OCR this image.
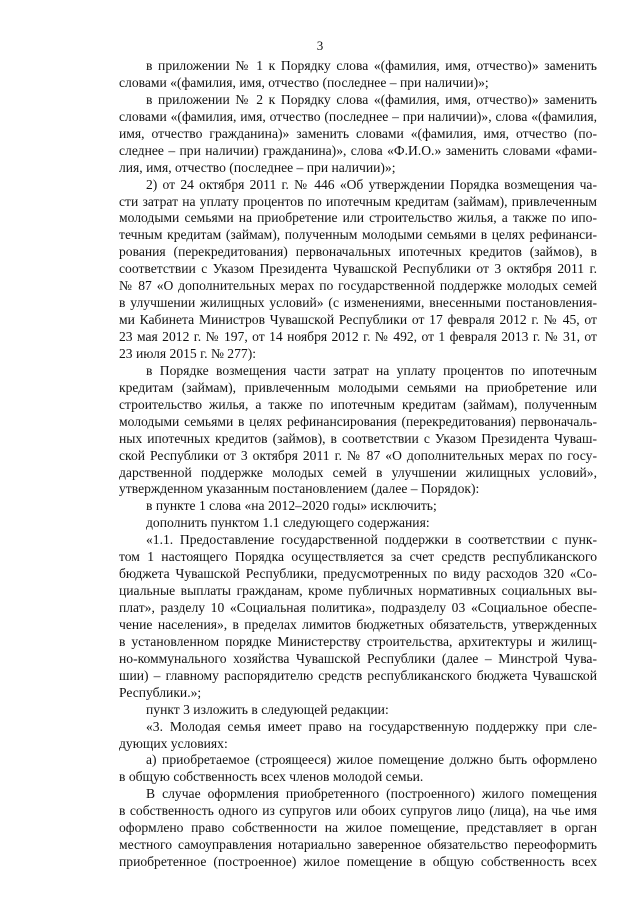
3
в приложении № 1 к Порядку слова «(фамилия, имя, отчество)» заменить
словами «(фамилия, имя, отчество (последнее – при наличии)»;
в приложении № 2 к Порядку слова «(фамилия, имя, отчество)» заменить
словами «(фамилия, имя, отчество (последнее – при наличии)», слова «(фамилия,
имя, отчество гражданина)» заменить словами «(фамилия, имя, отчество (по-
следнее – при наличии) гражданина)», слова «Ф.И.О.» заменить словами «фами-
лия, имя, отчество (последнее – при наличии)»;
2) от 24 октября 2011 г. № 446 «Об утверждении Порядка возмещения ча-
сти затрат на уплату процентов по ипотечным кредитам (займам), привлеченным
молодыми семьями на приобретение или строительство жилья, а также по ипо-
течным кредитам (займам), полученным молодыми семьями в целях рефинанси-
рования (перекредитования) первоначальных ипотечных кредитов (займов), в
соответствии с Указом Президента Чувашской Республики от 3 октября 2011 г.
№ 87 «О дополнительных мерах по государственной поддержке молодых семей
в улучшении жилищных условий» (с изменениями, внесенными постановления-
ми Кабинета Министров Чувашской Республики от 17 февраля 2012 г. № 45, от
23 мая 2012 г. № 197, от 14 ноября 2012 г. № 492, от 1 февраля 2013 г. № 31, от
23 июля 2015 г. № 277):
в Порядке возмещения части затрат на уплату процентов по ипотечным
кредитам (займам), привлеченным молодыми семьями на приобретение или
строительство жилья, а также по ипотечным кредитам (займам), полученным
молодыми семьями в целях рефинансирования (перекредитования) первоначаль-
ных ипотечных кредитов (займов), в соответствии с Указом Президента Чуваш-
ской Республики от 3 октября 2011 г. № 87 «О дополнительных мерах по госу-
дарственной поддержке молодых семей в улучшении жилищных условий»,
утвержденном указанным постановлением (далее – Порядок):
в пункте 1 слова «на 2012–2020 годы» исключить;
дополнить пунктом 1.1 следующего содержания:
«1.1. Предоставление государственной поддержки в соответствии с пунк-
том 1 настоящего Порядка осуществляется за счет средств республиканского
бюджета Чувашской Республики, предусмотренных по виду расходов 320 «Со-
циальные выплаты гражданам, кроме публичных нормативных социальных вы-
плат», разделу 10 «Социальная политика», подразделу 03 «Социальное обеспе-
чение населения», в пределах лимитов бюджетных обязательств, утвержденных
в установленном порядке Министерству строительства, архитектуры и жилищ-
но-коммунального хозяйства Чувашской Республики (далее – Минстрой Чува-
шии) – главному распорядителю средств республиканского бюджета Чувашской
Республики.»;
пункт 3 изложить в следующей редакции:
«3. Молодая семья имеет право на государственную поддержку при сле-
дующих условиях:
а) приобретаемое (строящееся) жилое помещение должно быть оформлено
в общую собственность всех членов молодой семьи.
В случае оформления приобретенного (построенного) жилого помещения
в собственность одного из супругов или обоих супругов лицо (лица), на чье имя
оформлено право собственности на жилое помещение, представляет в орган
местного самоуправления нотариально заверенное обязательство переоформить
приобретенное (построенное) жилое помещение в общую собственность всех
